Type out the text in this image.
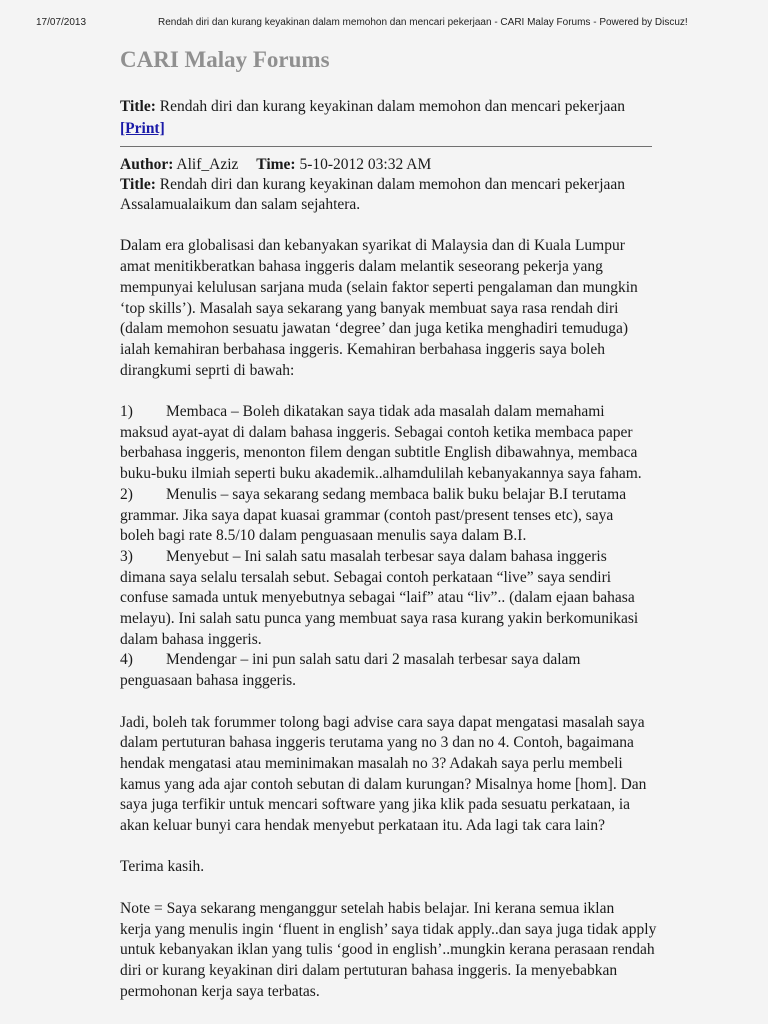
17/07/2013	Rendah diri dan kurang keyakinan dalam memohon dan mencari pekerjaan - CARI Malay Forums - Powered by Discuz!
CARI Malay Forums
Title: Rendah diri dan kurang keyakinan dalam memohon dan mencari pekerjaan
[Print]
Author: Alif_Aziz Time: 5-10-2012 03:32 AM
Title: Rendah diri dan kurang keyakinan dalam memohon dan mencari pekerjaan

Assalamualaikum dan salam sejahtera.

Dalam era globalisasi dan kebanyakan syarikat di Malaysia dan di Kuala Lumpur

amat menitikberatkan bahasa inggeris dalam melantik seseorang pekerja yang

mempunyai kelulusan sarjana muda (selain faktor seperti pengalaman dan mungkin

‘top skills’). Masalah saya sekarang yang banyak membuat saya rasa rendah diri

(dalam memohon sesuatu jawatan ‘degree’ dan juga ketika menghadiri temuduga)

ialah kemahiran berbahasa inggeris. Kemahiran berbahasa inggeris saya boleh

dirangkumi seprti di bawah:

1) Membaca – Boleh dikatakan saya tidak ada masalah dalam memahami

maksud ayat-ayat di dalam bahasa inggeris. Sebagai contoh ketika membaca paper

berbahasa inggeris, menonton filem dengan subtitle English dibawahnya, membaca

buku-buku ilmiah seperti buku akademik..alhamdulilah kebanyakannya saya faham.

2) Menulis – saya sekarang sedang membaca balik buku belajar B.I terutama

grammar. Jika saya dapat kuasai grammar (contoh past/present tenses etc), saya

boleh bagi rate 8.5/10 dalam penguasaan menulis saya dalam B.I.

3) Menyebut – Ini salah satu masalah terbesar saya dalam bahasa inggeris

dimana saya selalu tersalah sebut. Sebagai contoh perkataan “live” saya sendiri

confuse samada untuk menyebutnya sebagai “laif” atau “liv”.. (dalam ejaan bahasa

melayu). Ini salah satu punca yang membuat saya rasa kurang yakin berkomunikasi

dalam bahasa inggeris.

4) Mendengar – ini pun salah satu dari 2 masalah terbesar saya dalam

penguasaan bahasa inggeris.

Jadi, boleh tak forummer tolong bagi advise cara saya dapat mengatasi masalah saya

dalam pertuturan bahasa inggeris terutama yang no 3 dan no 4. Contoh, bagaimana

hendak mengatasi atau meminimakan masalah no 3? Adakah saya perlu membeli

kamus yang ada ajar contoh sebutan di dalam kurungan? Misalnya home [hom]. Dan

saya juga terfikir untuk mencari software yang jika klik pada sesuatu perkataan, ia

akan keluar bunyi cara hendak menyebut perkataan itu. Ada lagi tak cara lain?

Terima kasih.

Note = Saya sekarang menganggur setelah habis belajar. Ini kerana semua iklan

kerja yang menulis ingin ‘fluent in english’ saya tidak apply..dan saya juga tidak apply

untuk kebanyakan iklan yang tulis ‘good in english’..mungkin kerana perasaan rendah

diri or kurang keyakinan diri dalam pertuturan bahasa inggeris. Ia menyebabkan

permohonan kerja saya terbatas.
